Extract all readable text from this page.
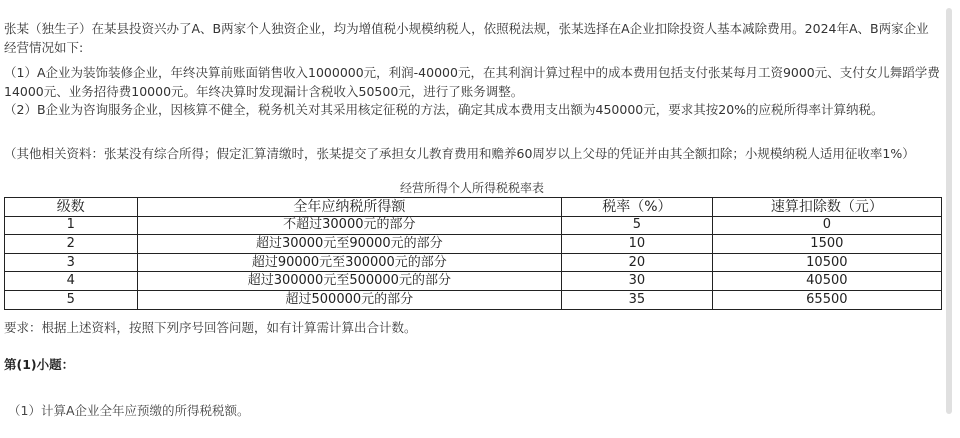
张某（独生子）在某县投资兴办了A、B两家个人独资企业，均为增值税小规模纳税人，依照税法规，张某选择在A企业扣除投资人基本减除费用。2024年A、B两家企业经营情况如下:

（1）A企业为装饰装修企业，年终决算前账面销售收入1000000元，利润-40000元，在其利润计算过程中的成本费用包括支付张某每月工资9000元、支付女儿舞蹈学费14000元、业务招待费10000元。年终决算时发现漏计含税收入50500元，进行了账务调整。

（2）B企业为咨询服务企业，因核算不健全，税务机关对其采用核定征税的方法，确定其成本费用支出额为450000元，要求其按20%的应税所得率计算纳税。

（其他相关资料：张某没有综合所得；假定汇算清缴时，张某提交了承担女儿教育费用和赡养60周岁以上父母的凭证并由其全额扣除；小规模纳税人适用征收率1%）

经营所得个人所得税税率表
级数	全年应纳税所得额	税率（%）	速算扣除数（元）
1	不超过30000元的部分	5	0
2	超过30000元至90000元的部分	10	1500
3	超过90000元至300000元的部分	20	10500
4	超过300000元至500000元的部分	30	40500
5	超过500000元的部分	35	65500
要求：根据上述资料，按照下列序号回答问题，如有计算需计算出合计数。
第(1)小题：
（1）计算A企业全年应预缴的所得税税额。
